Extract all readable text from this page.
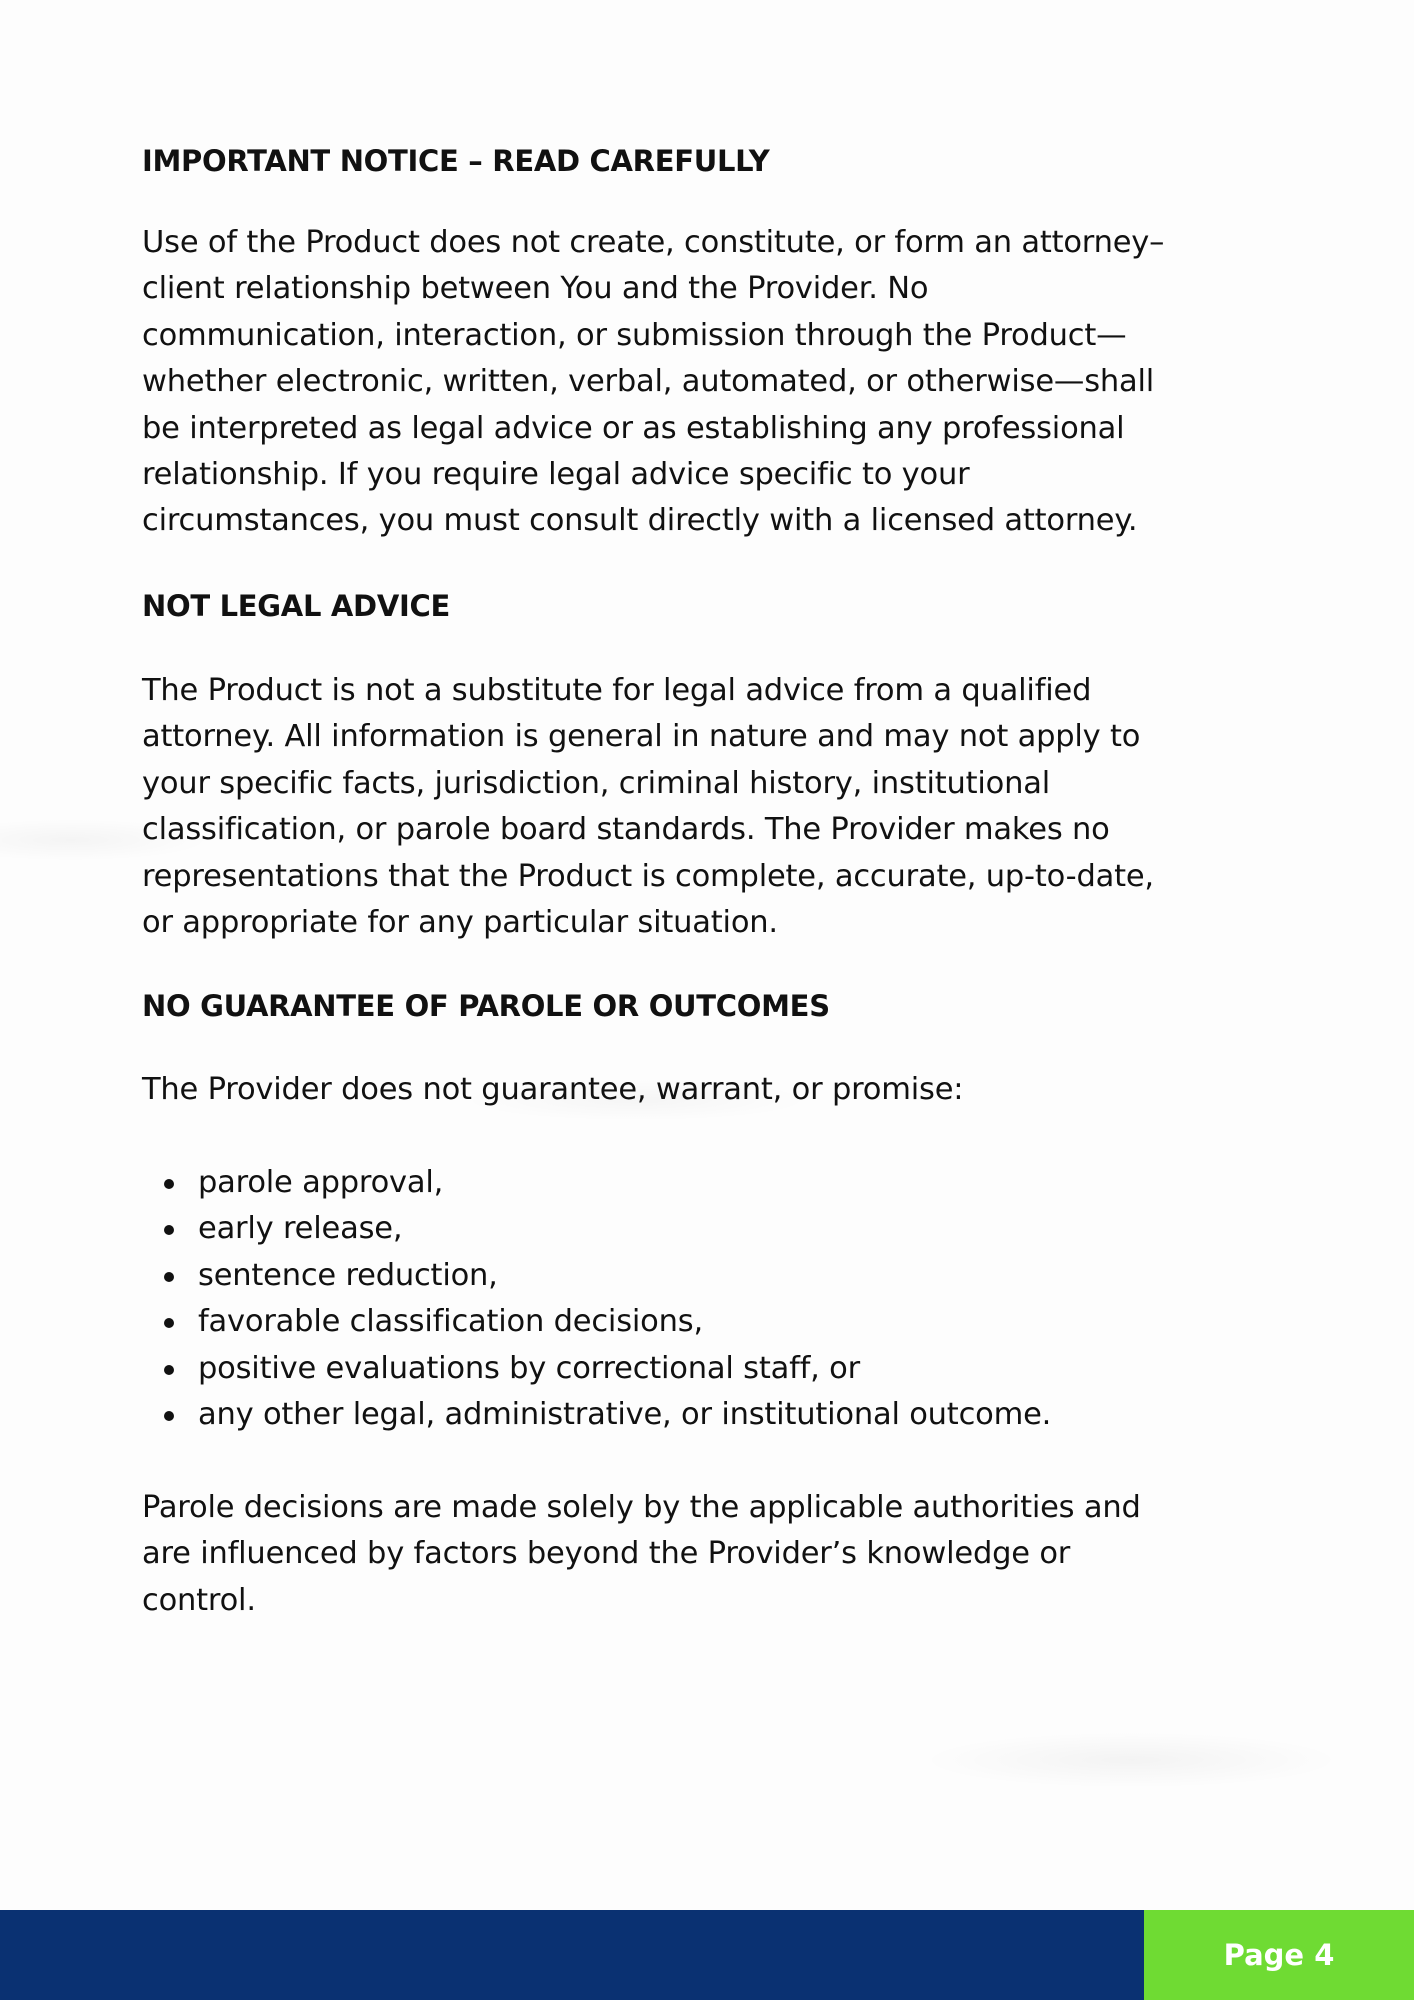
IMPORTANT NOTICE – READ CAREFULLY
Use of the Product does not create, constitute, or form an attorney–
client relationship between You and the Provider. No
communication, interaction, or submission through the Product—
whether electronic, written, verbal, automated, or otherwise—shall
be interpreted as legal advice or as establishing any professional
relationship. If you require legal advice specific to your
circumstances, you must consult directly with a licensed attorney.
NOT LEGAL ADVICE
The Product is not a substitute for legal advice from a qualified
attorney. All information is general in nature and may not apply to
your specific facts, jurisdiction, criminal history, institutional
classification, or parole board standards. The Provider makes no
representations that the Product is complete, accurate, up-to-date,
or appropriate for any particular situation.
NO GUARANTEE OF PAROLE OR OUTCOMES
The Provider does not guarantee, warrant, or promise:
parole approval,
early release,
sentence reduction,
favorable classification decisions,
positive evaluations by correctional staff, or
any other legal, administrative, or institutional outcome.
Parole decisions are made solely by the applicable authorities and
are influenced by factors beyond the Provider’s knowledge or
control.
Page 4
